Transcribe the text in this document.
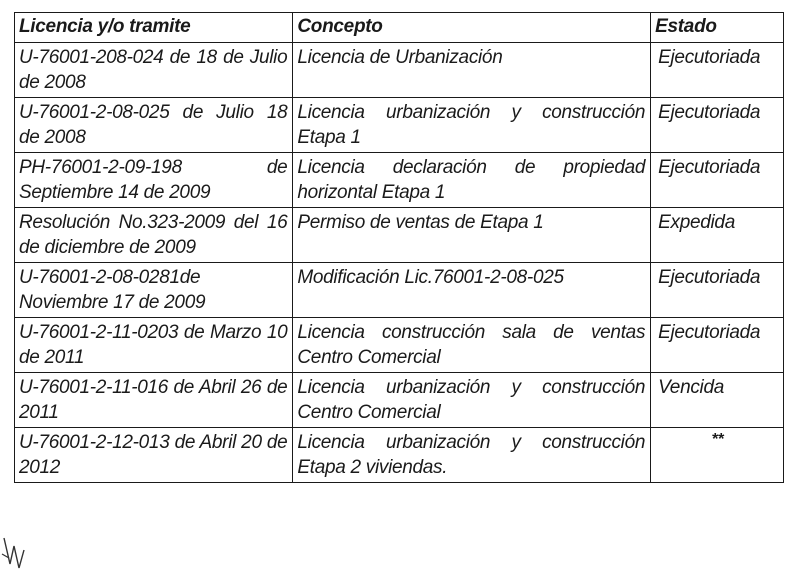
Licencia y/o tramite	Concepto	Estado
U-76001-208-024 de 18 de Julio de 2008	Licencia de Urbanización	Ejecutoriada
U-76001-2-08-025 de Julio 18 de 2008	Licencia urbanización y construcción Etapa 1	Ejecutoriada
PH-76001-2-09-198 de Septiembre 14 de 2009	Licencia declaración de propiedad horizontal Etapa 1	Ejecutoriada
Resolución No.323-2009 del 16 de diciembre de 2009	Permiso de ventas de Etapa 1	Expedida
U-76001-2-08-0281de Noviembre 17 de 2009	Modificación Lic.76001-2-08-025	Ejecutoriada
U-76001-2-11-0203 de Marzo 10 de 2011	Licencia construcción sala de ventas Centro Comercial	Ejecutoriada
U-76001-2-11-016 de Abril 26 de 2011	Licencia urbanización y construcción Centro Comercial	Vencida
U-76001-2-12-013 de Abril 20 de 2012	Licencia urbanización y construcción Etapa 2 viviendas.	**
